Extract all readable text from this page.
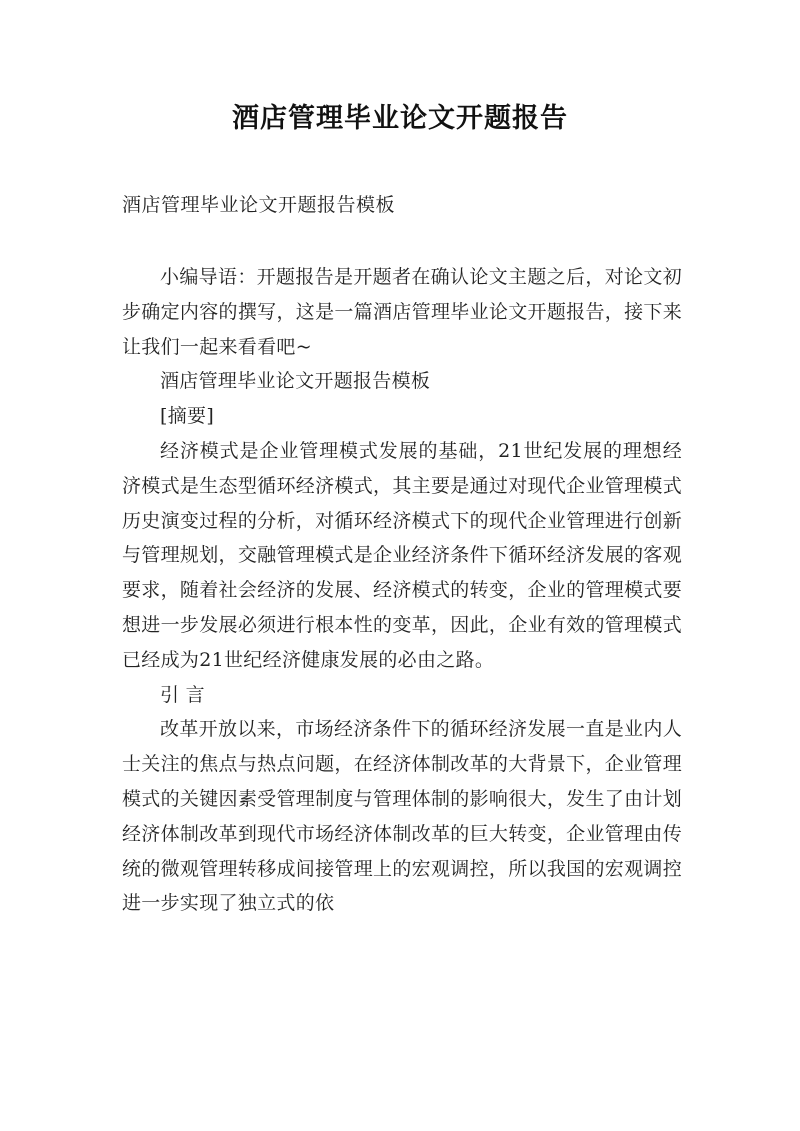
酒店管理毕业论文开题报告

酒店管理毕业论文开题报告模板

小编导语：开题报告是开题者在确认论文主题之后，对论文初步确定内容的撰写，这是一篇酒店管理毕业论文开题报告，接下来让我们一起来看看吧~

酒店管理毕业论文开题报告模板

[摘要]

经济模式是企业管理模式发展的基础，21世纪发展的理想经济模式是生态型循环经济模式，其主要是通过对现代企业管理模式历史演变过程的分析，对循环经济模式下的现代企业管理进行创新与管理规划，交融管理模式是企业经济条件下循环经济发展的客观要求，随着社会经济的发展、经济模式的转变，企业的管理模式要想进一步发展必须进行根本性的变革，因此，企业有效的管理模式已经成为21世纪经济健康发展的必由之路。

引 言

改革开放以来，市场经济条件下的循环经济发展一直是业内人士关注的焦点与热点问题，在经济体制改革的大背景下，企业管理模式的关键因素受管理制度与管理体制的影响很大，发生了由计划经济体制改革到现代市场经济体制改革的巨大转变，企业管理由传统的微观管理转移成间接管理上的宏观调控，所以我国的宏观调控进一步实现了独立式的依
